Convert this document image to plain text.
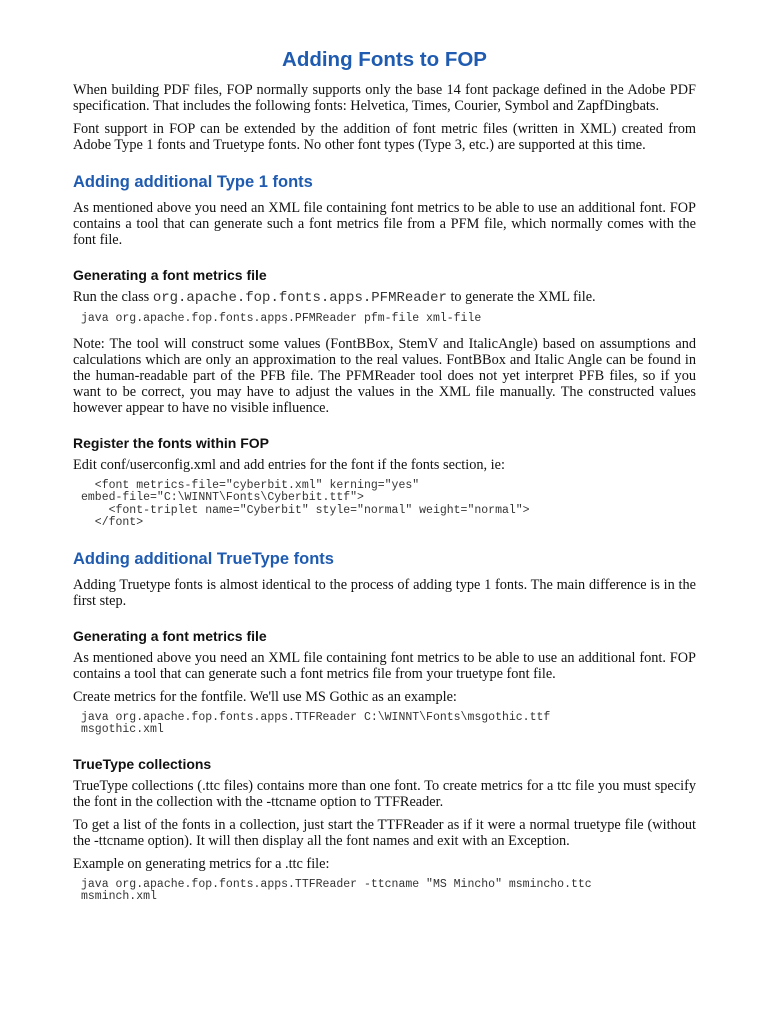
Adding Fonts to FOP

When building PDF files, FOP normally supports only the base 14 font package defined in the Adobe PDF specification. That includes the following fonts: Helvetica, Times, Courier, Symbol and ZapfDingbats.

Font support in FOP can be extended by the addition of font metric files (written in XML) created from Adobe Type 1 fonts and Truetype fonts. No other font types (Type 3, etc.) are supported at this time.

Adding additional Type 1 fonts

As mentioned above you need an XML file containing font metrics to be able to use an additional font. FOP contains a tool that can generate such a font metrics file from a PFM file, which normally comes with the font file.

Generating a font metrics file

Run the class org.apache.fop.fonts.apps.PFMReader to generate the XML file.

java org.apache.fop.fonts.apps.PFMReader pfm-file xml-file

Note: The tool will construct some values (FontBBox, StemV and ItalicAngle) based on assumptions and calculations which are only an approximation to the real values. FontBBox and Italic Angle can be found in the human-readable part of the PFB file. The PFMReader tool does not yet interpret PFB files, so if you want to be correct, you may have to adjust the values in the XML file manually. The constructed values however appear to have no visible influence.

Register the fonts within FOP

Edit conf/userconfig.xml and add entries for the font if the fonts section, ie:

<font metrics-file="cyberbit.xml" kerning="yes"
embed-file="C:\WINNT\Fonts\Cyberbit.ttf">
<font-triplet name="Cyberbit" style="normal" weight="normal">
</font>
Adding additional TrueType fonts

Adding Truetype fonts is almost identical to the process of adding type 1 fonts. The main difference is in the first step.

Generating a font metrics file

As mentioned above you need an XML file containing font metrics to be able to use an additional font. FOP contains a tool that can generate such a font metrics file from your truetype font file.

Create metrics for the fontfile. We'll use MS Gothic as an example:

java org.apache.fop.fonts.apps.TTFReader C:\WINNT\Fonts\msgothic.ttf
msgothic.xml
TrueType collections

TrueType collections (.ttc files) contains more than one font. To create metrics for a ttc file you must specify the font in the collection with the -ttcname option to TTFReader.

To get a list of the fonts in a collection, just start the TTFReader as if it were a normal truetype file (without the -ttcname option). It will then display all the font names and exit with an Exception.

Example on generating metrics for a .ttc file:

java org.apache.fop.fonts.apps.TTFReader -ttcname "MS Mincho" msmincho.ttc
msminch.xml
